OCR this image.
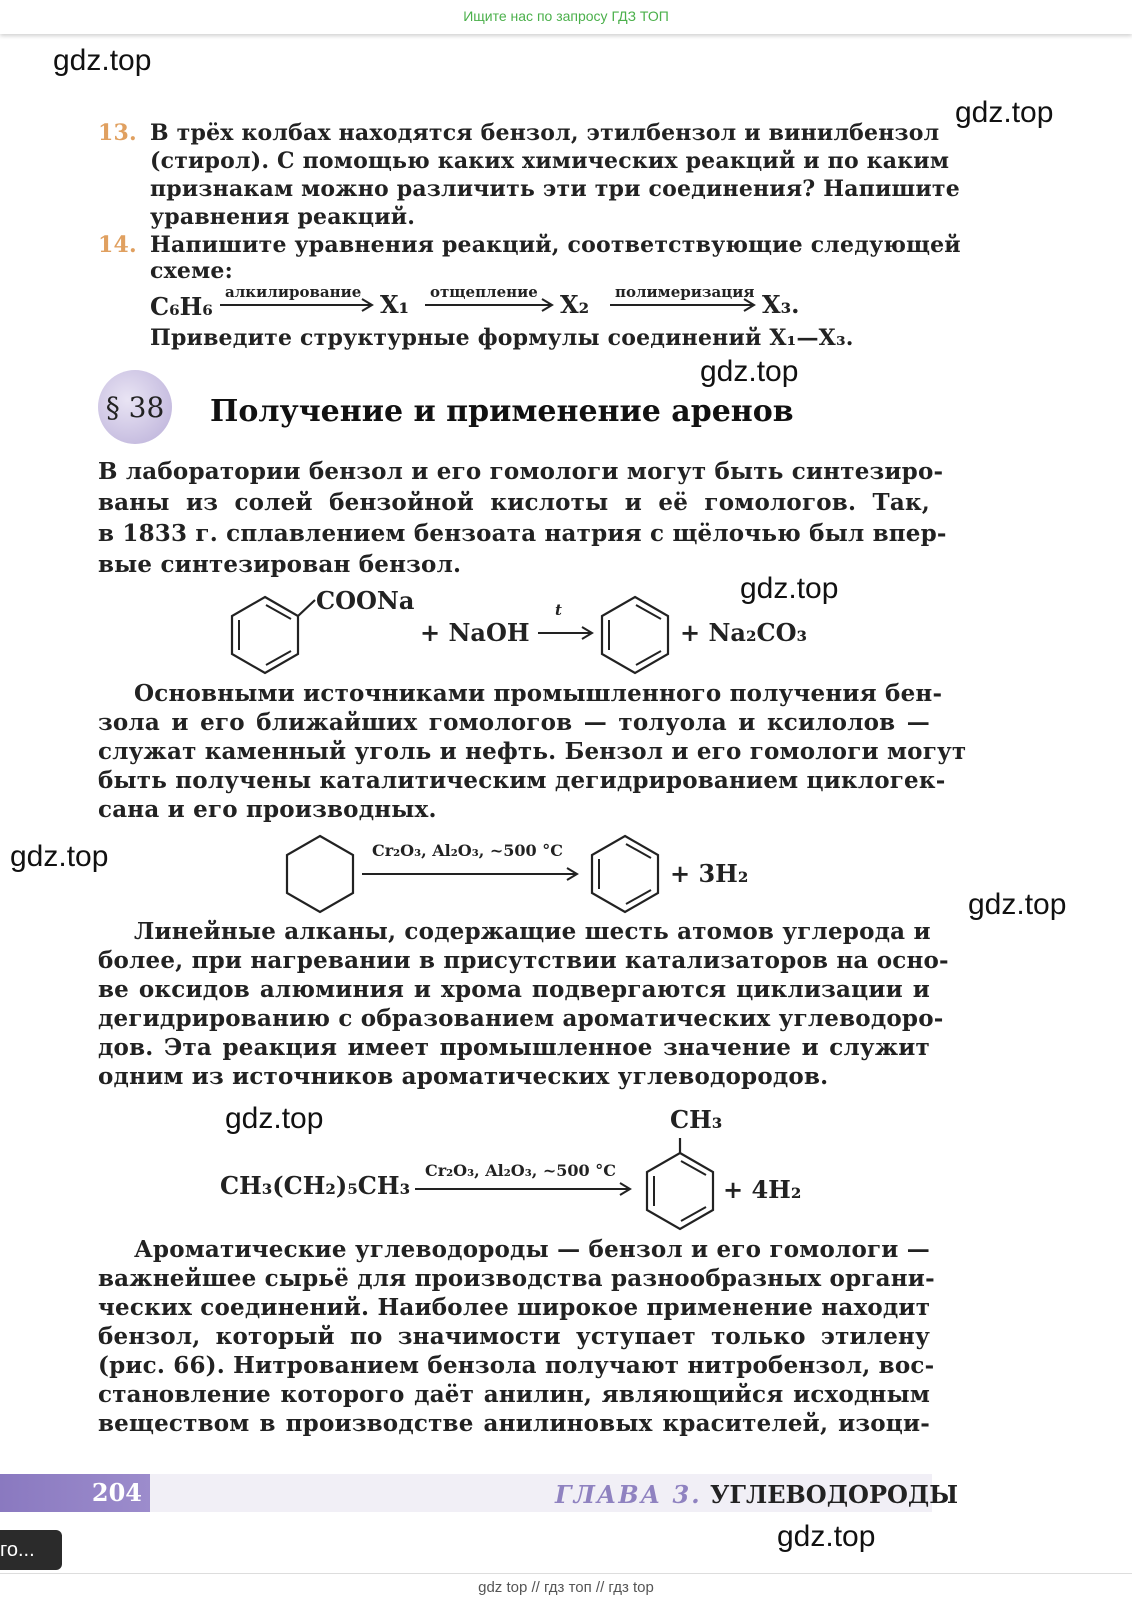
Ищите нас по запросу ГДЗ ТОП
gdz.top
gdz.top
gdz.top
gdz.top
gdz.top
gdz.top
gdz.top
gdz.top
13. В трёх колбах находятся бензол, этилбензол и винилбензол
(стирол). С помощью каких химических реакций и по каким
признакам можно различить эти три соединения? Напишите
уравнения реакций.
14. Напишите уравнения реакций, соответствующие следующей
схеме:
C₆H₆ алкилирование X₁ отщепление X₂ полимеризация X₃.
Приведите структурные формулы соединений X₁—X₃.
§ 38 Получение и применение аренов
В лаборатории бензол и его гомологи могут быть синтезиро-
ваны из солей бензойной кислоты и её гомологов. Так,
в 1833 г. сплавлением бензоата натрия с щёлочью был впер-
вые синтезирован бензол.
COONa
+ NaOH
t
+ Na₂CO₃
Основными источниками промышленного получения бен-
зола и его ближайших гомологов — толуола и ксилолов —
служат каменный уголь и нефть. Бензол и его гомологи могут
быть получены каталитическим дегидрированием циклогек-
сана и его производных.
Cr₂O₃, Al₂O₃, ~500 °C
+ 3H₂
Линейные алканы, содержащие шесть атомов углерода и
более, при нагревании в присутствии катализаторов на осно-
ве оксидов алюминия и хрома подвергаются циклизации и
дегидрированию с образованием ароматических углеводоро-
дов. Эта реакция имеет промышленное значение и служит
одним из источников ароматических углеводородов.
CH₃
CH₃(CH₂)₅CH₃
Cr₂O₃, Al₂O₃, ~500 °C
+ 4H₂
Ароматические углеводороды — бензол и его гомологи —
важнейшее сырьё для производства разнообразных органи-
ческих соединений. Наиболее широкое применение находит
бензол, который по значимости уступает только этилену
(рис. 66). Нитрованием бензола получают нитробензол, вос-
становление которого даёт анилин, являющийся исходным
веществом в производстве анилиновых красителей, изоци-
204	ГЛАВА 3. УГЛЕВОДОРОДЫ
го...
gdz top // гдз топ // гдз top
